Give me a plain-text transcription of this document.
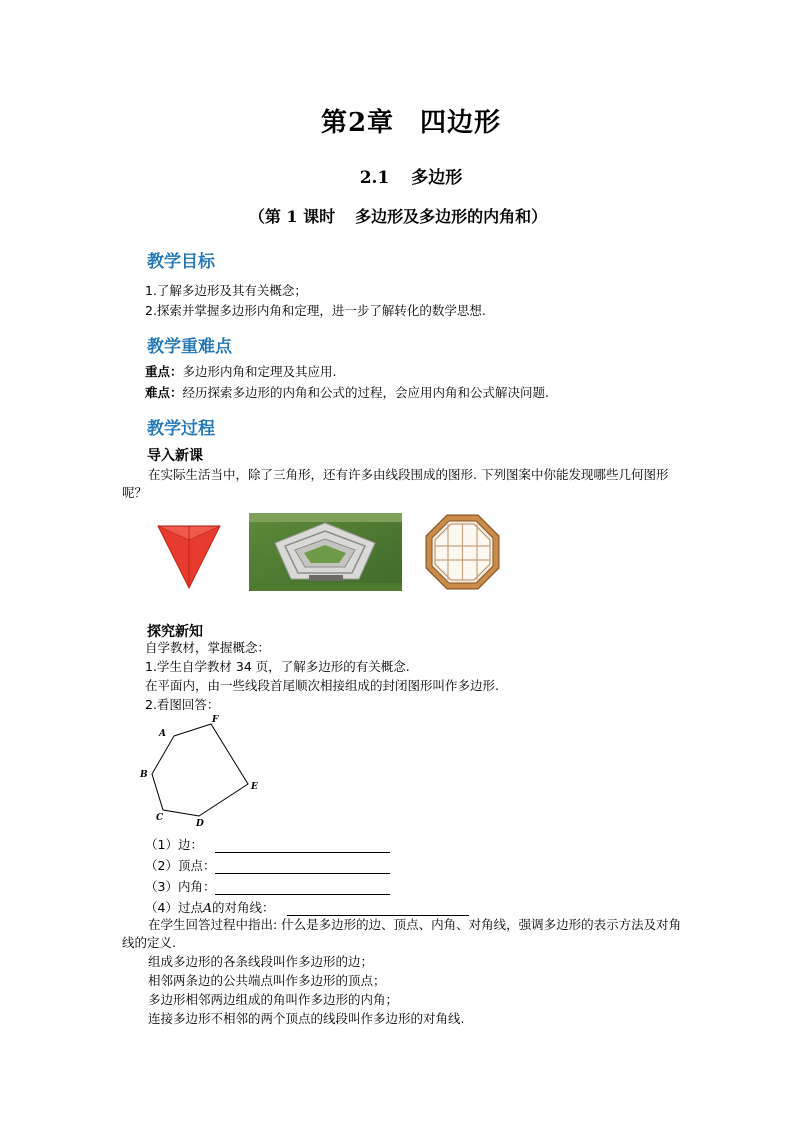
第2章 四边形
2.1 多边形
（第 1 课时 多边形及多边形的内角和）
教学目标
1.了解多边形及其有关概念；
2.探索并掌握多边形内角和定理，进一步了解转化的数学思想.
教学重难点
重点：多边形内角和定理及其应用.
难点：经历探索多边形的内角和公式的过程，会应用内角和公式解决问题.
教学过程
导入新课
在实际生活当中，除了三角形，还有许多由线段围成的图形. 下列图案中你能发现哪些几何图形呢？
探究新知
自学教材，掌握概念：
1.学生自学教材 34 页，了解多边形的有关概念.
在平面内，由一些线段首尾顺次相接组成的封闭图形叫作多边形.
2.看图回答：
A
B
C
D
E
F
（1）边：
（2）顶点：
（3）内角：
（4）过点A的对角线：
在学生回答过程中指出: 什么是多边形的边、顶点、内角、对角线，强调多边形的表示方法及对角线的定义.
组成多边形的各条线段叫作多边形的边；
相邻两条边的公共端点叫作多边形的顶点；
多边形相邻两边组成的角叫作多边形的内角；
连接多边形不相邻的两个顶点的线段叫作多边形的对角线.
